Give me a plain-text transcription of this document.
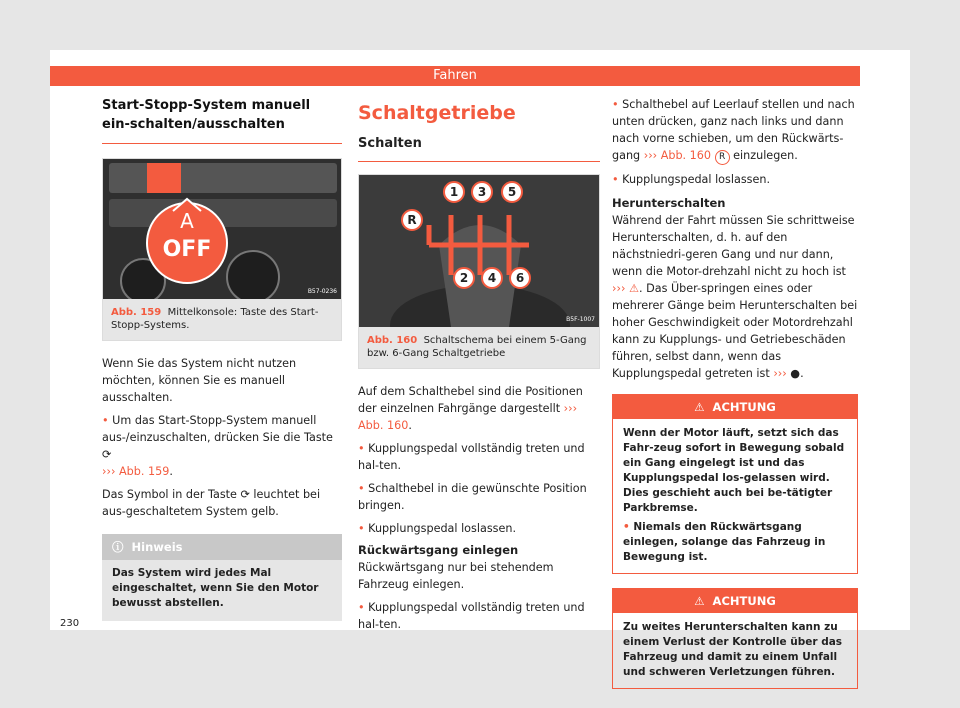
Fahren
Start-Stopp-System manuell ein-schalten/ausschalten
OFF
A
B57-0236
Abb. 159 Mittelkonsole: Taste des Start-Stopp-Systems.

Wenn Sie das System nicht nutzen möchten, können Sie es manuell ausschalten.

• Um das Start-Stopp-System manuell aus-/einzuschalten, drücken Sie die Taste ⟳
››› Abb. 159.

Das Symbol in der Taste ⟳ leuchtet bei aus-geschaltetem System gelb.

ⓘ Hinweis
Das System wird jedes Mal eingeschaltet, wenn Sie den Motor bewusst abstellen.
Schaltgetriebe
Schalten
1	3	5
R
2	4	6
B5F-1007
Abb. 160 Schaltschema bei einem 5-Gang bzw. 6-Gang Schaltgetriebe

Auf dem Schalthebel sind die Positionen der einzelnen Fahrgänge dargestellt ››› Abb. 160.

• Kupplungspedal vollständig treten und hal-ten.
• Schalthebel in die gewünschte Position bringen.
• Kupplungspedal loslassen.
Rückwärtsgang einlegen

Rückwärtsgang nur bei stehendem Fahrzeug einlegen.

• Kupplungspedal vollständig treten und hal-ten.
• Schalthebel auf Leerlauf stellen und nach unten drücken, ganz nach links und dann nach vorne schieben, um den Rückwärts-gang ››› Abb. 160 R einzulegen.
• Kupplungspedal loslassen.
Herunterschalten

Während der Fahrt müssen Sie schrittweise Herunterschalten, d. h. auf den nächstniedri-geren Gang und nur dann, wenn die Motor-drehzahl nicht zu hoch ist ››› ⚠. Das Über-springen eines oder mehrerer Gänge beim Herunterschalten bei hoher Geschwindigkeit oder Motordrehzahl kann zu Kupplungs- und Getriebeschäden führen, selbst dann, wenn das Kupplungspedal getreten ist ››› ●.

⚠ ACHTUNG
Wenn der Motor läuft, setzt sich das Fahr-zeug sofort in Bewegung sobald ein Gang eingelegt ist und das Kupplungspedal los-gelassen wird. Dies geschieht auch bei be-tätigter Parkbremse.
• Niemals den Rückwärtsgang einlegen, solange das Fahrzeug in Bewegung ist.
⚠ ACHTUNG
Zu weites Herunterschalten kann zu einem Verlust der Kontrolle über das Fahrzeug und damit zu einem Unfall und schweren Verletzungen führen.
230
